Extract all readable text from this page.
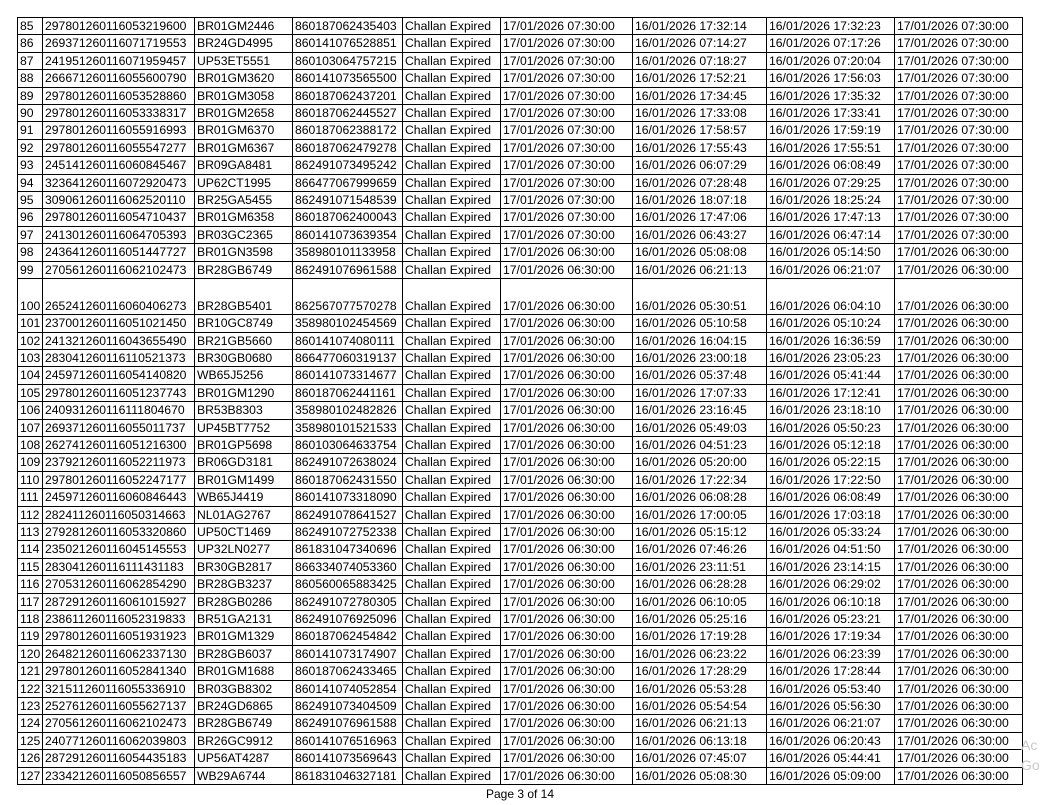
85	297801260116053219600	BR01GM2446	860187062435403	Challan Expired	17/01/2026 07:30:00	16/01/2026 17:32:14	16/01/2026 17:32:23	17/01/2026 07:30:00
86	269371260116071719553	BR24GD4995	860141076528851	Challan Expired	17/01/2026 07:30:00	16/01/2026 07:14:27	16/01/2026 07:17:26	17/01/2026 07:30:00
87	241951260116071959457	UP53ET5551	860103064757215	Challan Expired	17/01/2026 07:30:00	16/01/2026 07:18:27	16/01/2026 07:20:04	17/01/2026 07:30:00
88	266671260116055600790	BR01GM3620	860141073565500	Challan Expired	17/01/2026 07:30:00	16/01/2026 17:52:21	16/01/2026 17:56:03	17/01/2026 07:30:00
89	297801260116053528860	BR01GM3058	860187062437201	Challan Expired	17/01/2026 07:30:00	16/01/2026 17:34:45	16/01/2026 17:35:32	17/01/2026 07:30:00
90	297801260116053338317	BR01GM2658	860187062445527	Challan Expired	17/01/2026 07:30:00	16/01/2026 17:33:08	16/01/2026 17:33:41	17/01/2026 07:30:00
91	297801260116055916993	BR01GM6370	860187062388172	Challan Expired	17/01/2026 07:30:00	16/01/2026 17:58:57	16/01/2026 17:59:19	17/01/2026 07:30:00
92	297801260116055547277	BR01GM6367	860187062479278	Challan Expired	17/01/2026 07:30:00	16/01/2026 17:55:43	16/01/2026 17:55:51	17/01/2026 07:30:00
93	245141260116060845467	BR09GA8481	862491073495242	Challan Expired	17/01/2026 07:30:00	16/01/2026 06:07:29	16/01/2026 06:08:49	17/01/2026 07:30:00
94	323641260116072920473	UP62CT1995	866477067999659	Challan Expired	17/01/2026 07:30:00	16/01/2026 07:28:48	16/01/2026 07:29:25	17/01/2026 07:30:00
95	309061260116062520110	BR25GA5455	862491071548539	Challan Expired	17/01/2026 07:30:00	16/01/2026 18:07:18	16/01/2026 18:25:24	17/01/2026 07:30:00
96	297801260116054710437	BR01GM6358	860187062400043	Challan Expired	17/01/2026 07:30:00	16/01/2026 17:47:06	16/01/2026 17:47:13	17/01/2026 07:30:00
97	241301260116064705393	BR03GC2365	860141073639354	Challan Expired	17/01/2026 07:30:00	16/01/2026 06:43:27	16/01/2026 06:47:14	17/01/2026 07:30:00
98	243641260116051447727	BR01GN3598	358980101133958	Challan Expired	17/01/2026 06:30:00	16/01/2026 05:08:08	16/01/2026 05:14:50	17/01/2026 06:30:00
99	270561260116062102473	BR28GB6749	862491076961588	Challan Expired	17/01/2026 06:30:00	16/01/2026 06:21:13	16/01/2026 06:21:07	17/01/2026 06:30:00
100	265241260116060406273	BR28GB5401	862567077570278	Challan Expired	17/01/2026 06:30:00	16/01/2026 05:30:51	16/01/2026 06:04:10	17/01/2026 06:30:00
101	237001260116051021450	BR10GC8749	358980102454569	Challan Expired	17/01/2026 06:30:00	16/01/2026 05:10:58	16/01/2026 05:10:24	17/01/2026 06:30:00
102	241321260116043655490	BR21GB5660	860141074080111	Challan Expired	17/01/2026 06:30:00	16/01/2026 16:04:15	16/01/2026 16:36:59	17/01/2026 06:30:00
103	283041260116110521373	BR30GB0680	866477060319137	Challan Expired	17/01/2026 06:30:00	16/01/2026 23:00:18	16/01/2026 23:05:23	17/01/2026 06:30:00
104	245971260116054140820	WB65J5256	860141073314677	Challan Expired	17/01/2026 06:30:00	16/01/2026 05:37:48	16/01/2026 05:41:44	17/01/2026 06:30:00
105	297801260116051237743	BR01GM1290	860187062441161	Challan Expired	17/01/2026 06:30:00	16/01/2026 17:07:33	16/01/2026 17:12:41	17/01/2026 06:30:00
106	240931260116111804670	BR53B8303	358980102482826	Challan Expired	17/01/2026 06:30:00	16/01/2026 23:16:45	16/01/2026 23:18:10	17/01/2026 06:30:00
107	269371260116055011737	UP45BT7752	358980101521533	Challan Expired	17/01/2026 06:30:00	16/01/2026 05:49:03	16/01/2026 05:50:23	17/01/2026 06:30:00
108	262741260116051216300	BR01GP5698	860103064633754	Challan Expired	17/01/2026 06:30:00	16/01/2026 04:51:23	16/01/2026 05:12:18	17/01/2026 06:30:00
109	237921260116052211973	BR06GD3181	862491072638024	Challan Expired	17/01/2026 06:30:00	16/01/2026 05:20:00	16/01/2026 05:22:15	17/01/2026 06:30:00
110	297801260116052247177	BR01GM1499	860187062431550	Challan Expired	17/01/2026 06:30:00	16/01/2026 17:22:34	16/01/2026 17:22:50	17/01/2026 06:30:00
111	245971260116060846443	WB65J4419	860141073318090	Challan Expired	17/01/2026 06:30:00	16/01/2026 06:08:28	16/01/2026 06:08:49	17/01/2026 06:30:00
112	282411260116050314663	NL01AG2767	862491078641527	Challan Expired	17/01/2026 06:30:00	16/01/2026 17:00:05	16/01/2026 17:03:18	17/01/2026 06:30:00
113	279281260116053320860	UP50CT1469	862491072752338	Challan Expired	17/01/2026 06:30:00	16/01/2026 05:15:12	16/01/2026 05:33:24	17/01/2026 06:30:00
114	235021260116045145553	UP32LN0277	861831047340696	Challan Expired	17/01/2026 06:30:00	16/01/2026 07:46:26	16/01/2026 04:51:50	17/01/2026 06:30:00
115	283041260116111431183	BR30GB2817	866334074053360	Challan Expired	17/01/2026 06:30:00	16/01/2026 23:11:51	16/01/2026 23:14:15	17/01/2026 06:30:00
116	270531260116062854290	BR28GB3237	860560065883425	Challan Expired	17/01/2026 06:30:00	16/01/2026 06:28:28	16/01/2026 06:29:02	17/01/2026 06:30:00
117	287291260116061015927	BR28GB0286	862491072780305	Challan Expired	17/01/2026 06:30:00	16/01/2026 06:10:05	16/01/2026 06:10:18	17/01/2026 06:30:00
118	238611260116052319833	BR51GA2131	862491076925096	Challan Expired	17/01/2026 06:30:00	16/01/2026 05:25:16	16/01/2026 05:23:21	17/01/2026 06:30:00
119	297801260116051931923	BR01GM1329	860187062454842	Challan Expired	17/01/2026 06:30:00	16/01/2026 17:19:28	16/01/2026 17:19:34	17/01/2026 06:30:00
120	264821260116062337130	BR28GB6037	860141073174907	Challan Expired	17/01/2026 06:30:00	16/01/2026 06:23:22	16/01/2026 06:23:39	17/01/2026 06:30:00
121	297801260116052841340	BR01GM1688	860187062433465	Challan Expired	17/01/2026 06:30:00	16/01/2026 17:28:29	16/01/2026 17:28:44	17/01/2026 06:30:00
122	321511260116055336910	BR03GB8302	860141074052854	Challan Expired	17/01/2026 06:30:00	16/01/2026 05:53:28	16/01/2026 05:53:40	17/01/2026 06:30:00
123	252761260116055627137	BR24GD6865	862491073404509	Challan Expired	17/01/2026 06:30:00	16/01/2026 05:54:54	16/01/2026 05:56:30	17/01/2026 06:30:00
124	270561260116062102473	BR28GB6749	862491076961588	Challan Expired	17/01/2026 06:30:00	16/01/2026 06:21:13	16/01/2026 06:21:07	17/01/2026 06:30:00
125	240771260116062039803	BR26GC9912	860141076516963	Challan Expired	17/01/2026 06:30:00	16/01/2026 06:13:18	16/01/2026 06:20:43	17/01/2026 06:30:00
126	287291260116054435183	UP56AT4287	860141073569643	Challan Expired	17/01/2026 06:30:00	16/01/2026 07:45:07	16/01/2026 05:44:41	17/01/2026 06:30:00
127	233421260116050856557	WB29A6744	861831046327181	Challan Expired	17/01/2026 06:30:00	16/01/2026 05:08:30	16/01/2026 05:09:00	17/01/2026 06:30:00
Page 3 of 14
Ac
Go
